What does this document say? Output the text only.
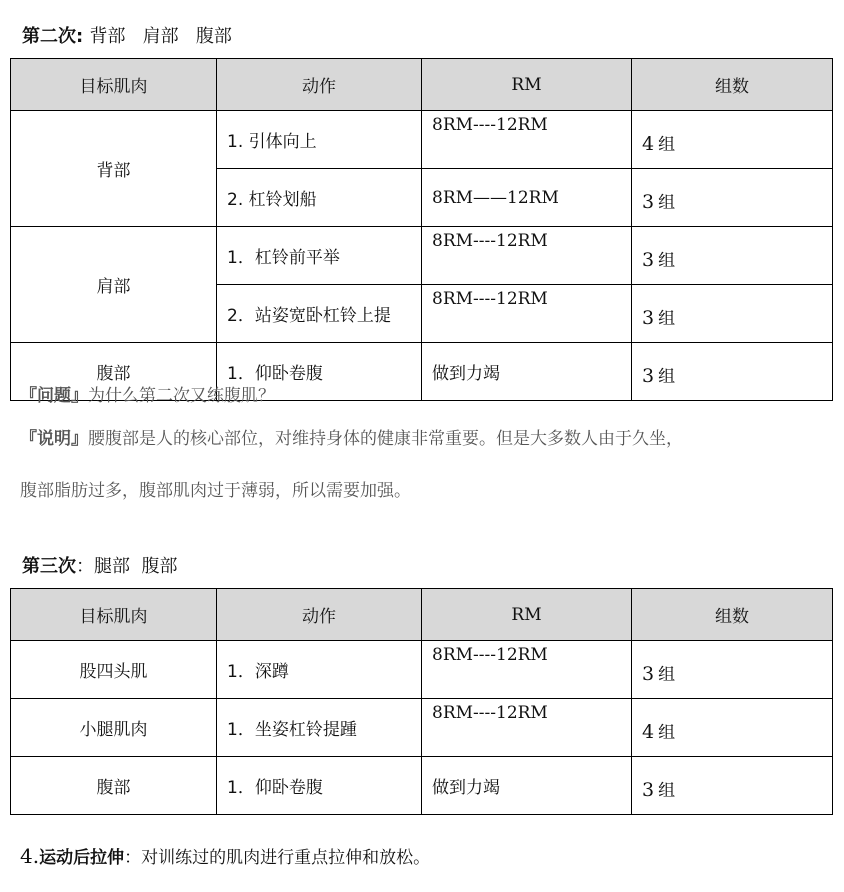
第二次: 背部   肩部   腹部
目标肌肉	动作	RM	组数
背部	1. 引体向上	8RM----12RM	4 组
	2. 杠铃划船	8RM——12RM	3 组
肩部	1．杠铃前平举	8RM----12RM	3 组
	2．站姿宽卧杠铃上提	8RM----12RM	3 组
腹部	1．仰卧卷腹	做到力竭	3 组
『问题』为什么第二次又练腹肌？
『说明』腰腹部是人的核心部位，对维持身体的健康非常重要。但是大多数人由于久坐，
腹部脂肪过多，腹部肌肉过于薄弱，所以需要加强。
第三次：腿部  腹部
目标肌肉	动作	RM	组数
股四头肌	1．深蹲	8RM----12RM	3 组
小腿肌肉	1．坐姿杠铃提踵	8RM----12RM	4 组
腹部	1．仰卧卷腹	做到力竭	3 组
4.运动后拉伸：对训练过的肌肉进行重点拉伸和放松。
